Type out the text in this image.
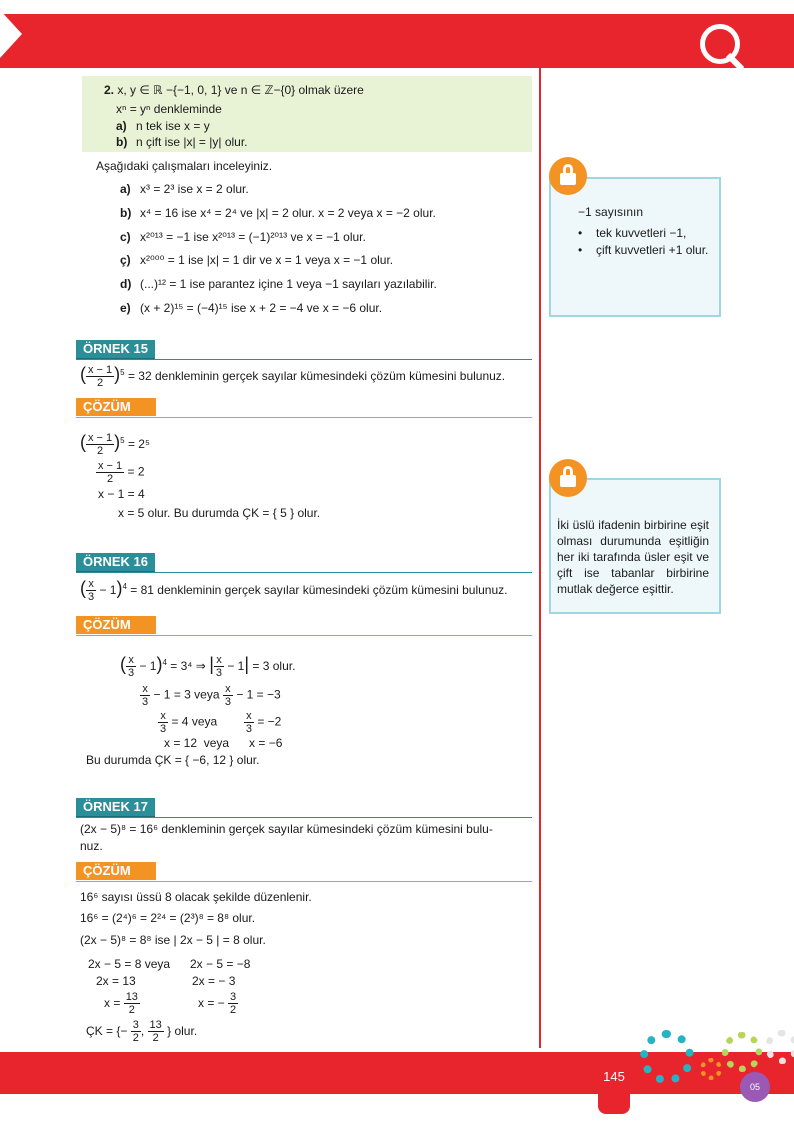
2. x, y ∈ ℝ −{−1, 0, 1} ve n ∈ ℤ−{0} olmak üzere
xⁿ = yⁿ denkleminde
a) n tek ise x = y
b) n çift ise |x| = |y| olur.
Aşağıdaki çalışmaları inceleyiniz.
a) x³ = 2³ ise x = 2 olur.
b) x⁴ = 16 ise x⁴ = 2⁴ ve |x| = 2 olur. x = 2 veya x = −2 olur.
c) x²⁰¹³ = −1 ise x²⁰¹³ = (−1)²⁰¹³ ve x = −1 olur.
ç) x²⁰⁰⁰ = 1 ise |x| = 1 dir ve x = 1 veya x = −1 olur.
d) (...)¹² = 1 ise parantez içine 1 veya −1 sayıları yazılabilir.
e) (x + 2)¹⁵ = (−4)¹⁵ ise x + 2 = −4 ve x = −6 olur.
ÖRNEK 15
( $\frac{x - 1}{2} )^5 = 32$ denkleminin gerçek sayılar kümesindeki çözüm kümesini bulunuz.
ÇÖZÜM
( $\frac{x - 1}{2} )^5 = 2^5$
$\frac{x - 1}{2} = 2$
x − 1 = 4
x = 5 olur. Bu durumda ÇK = { 5 } olur.
ÖRNEK 16
( $\frac{x}{3} - 1)^4 = 81$ denkleminin gerçek sayılar kümesindeki çözüm kümesini bulunuz.
ÇÖZÜM
( $\frac{x}{3} - 1)^4 = 3^4$ ⇒ | $\frac{x}{3} - 1| = 3$ olur.
$\frac{x}{3} - 1 = 3$ veya $\frac{x}{3} - 1 = -3$
$\frac{x}{3} = 4$ veya $\frac{x}{3} = -2$
x = 12  veya      x = −6
Bu durumda ÇK = { −6, 12 } olur.
ÖRNEK 17
(2x − 5)⁸ = 16⁶ denkleminin gerçek sayılar kümesindeki çözüm kümesini bulu-
nuz.
ÇÖZÜM
16⁶ sayısı üssü 8 olacak şekilde düzenlenir.
16⁶ = (2⁴)⁶ = 2²⁴ = (2³)⁸ = 8⁸ olur.
(2x − 5)⁸ = 8⁸ ise | 2x − 5 | = 8 olur.
2x − 5 = 8 veya 2x − 5 = −8
2x = 13	2x = − 3
$x = \frac{13}{2}$	x = − $\frac{3}{2}$
ÇK = {− $\frac{3}{2}$ , $\frac{13}{2}$ } olur.
−1 sayısının
• tek kuvvetleri −1,
• çift kuvvetleri +1 olur.
İki üslü ifadenin birbirine eşit olması durumunda eşitliğin her iki tarafında üsler eşit ve çift ise tabanlar birbirine mutlak değerce eşittir.
145
05
